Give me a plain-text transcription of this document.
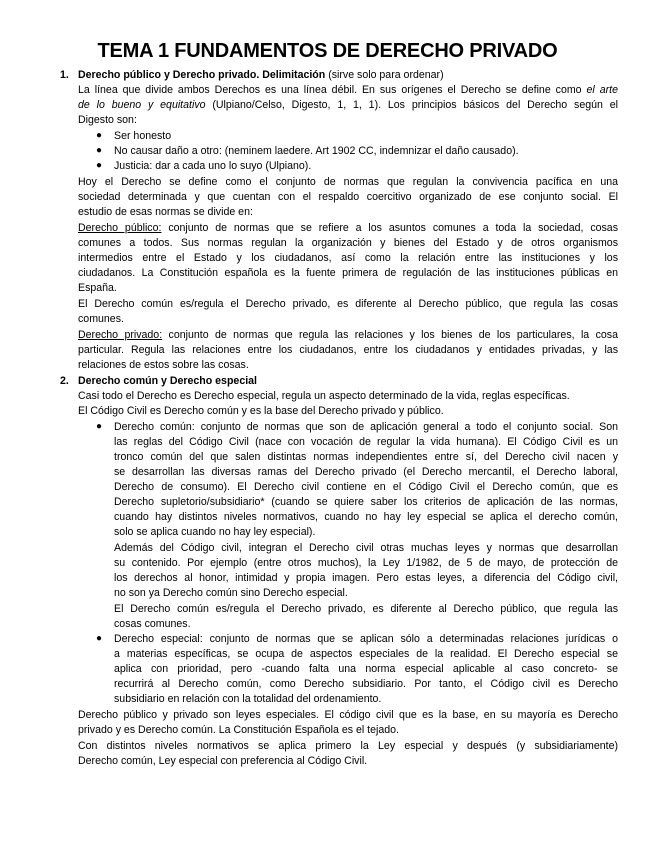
TEMA 1 FUNDAMENTOS DE DERECHO PRIVADO
1. Derecho público y Derecho privado. Delimitación (sirve solo para ordenar)
La línea que divide ambos Derechos es una línea débil. En sus orígenes el Derecho se define como el arte
de lo bueno y equitativo (Ulpiano/Celso, Digesto, 1, 1, 1). Los principios básicos del Derecho según el
Digesto son:
● Ser honesto
● No causar daño a otro: (neminem laedere. Art 1902 CC, indemnizar el daño causado).
● Justicia: dar a cada uno lo suyo (Ulpiano).
Hoy el Derecho se define como el conjunto de normas que regulan la convivencia pacífica en una
sociedad determinada y que cuentan con el respaldo coercitivo organizado de ese conjunto social. El
estudio de esas normas se divide en:
Derecho público: conjunto de normas que se refiere a los asuntos comunes a toda la sociedad, cosas
comunes a todos. Sus normas regulan la organización y bienes del Estado y de otros organismos
intermedios entre el Estado y los ciudadanos, así como la relación entre las instituciones y los
ciudadanos. La Constitución española es la fuente primera de regulación de las instituciones públicas en
España.
El Derecho común es/regula el Derecho privado, es diferente al Derecho público, que regula las cosas
comunes.
Derecho privado: conjunto de normas que regula las relaciones y los bienes de los particulares, la cosa
particular. Regula las relaciones entre los ciudadanos, entre los ciudadanos y entidades privadas, y las
relaciones de estos sobre las cosas.
2. Derecho común y Derecho especial
Casi todo el Derecho es Derecho especial, regula un aspecto determinado de la vida, reglas específicas.
El Código Civil es Derecho común y es la base del Derecho privado y público.
● Derecho común: conjunto de normas que son de aplicación general a todo el conjunto social. Son
las reglas del Código Civil (nace con vocación de regular la vida humana). El Código Civil es un
tronco común del que salen distintas normas independientes entre sí, del Derecho civil nacen y
se desarrollan las diversas ramas del Derecho privado (el Derecho mercantil, el Derecho laboral,
Derecho de consumo). El Derecho civil contiene en el Código Civil el Derecho común, que es
Derecho supletorio/subsidiario* (cuando se quiere saber los criterios de aplicación de las normas,
cuando hay distintos niveles normativos, cuando no hay ley especial se aplica el derecho común,
solo se aplica cuando no hay ley especial).
Además del Código civil, integran el Derecho civil otras muchas leyes y normas que desarrollan
su contenido. Por ejemplo (entre otros muchos), la Ley 1/1982, de 5 de mayo, de protección de
los derechos al honor, intimidad y propia imagen. Pero estas leyes, a diferencia del Código civil,
no son ya Derecho común sino Derecho especial.
El Derecho común es/regula el Derecho privado, es diferente al Derecho público, que regula las
cosas comunes.
● Derecho especial: conjunto de normas que se aplican sólo a determinadas relaciones jurídicas o
a materias específicas, se ocupa de aspectos especiales de la realidad. El Derecho especial se
aplica con prioridad, pero -cuando falta una norma especial aplicable al caso concreto- se
recurrirá al Derecho común, como Derecho subsidiario. Por tanto, el Código civil es Derecho
subsidiario en relación con la totalidad del ordenamiento.
Derecho público y privado son leyes especiales. El código civil que es la base, en su mayoría es Derecho
privado y es Derecho común. La Constitución Española es el tejado.
Con distintos niveles normativos se aplica primero la Ley especial y después (y subsidiariamente)
Derecho común, Ley especial con preferencia al Código Civil.
